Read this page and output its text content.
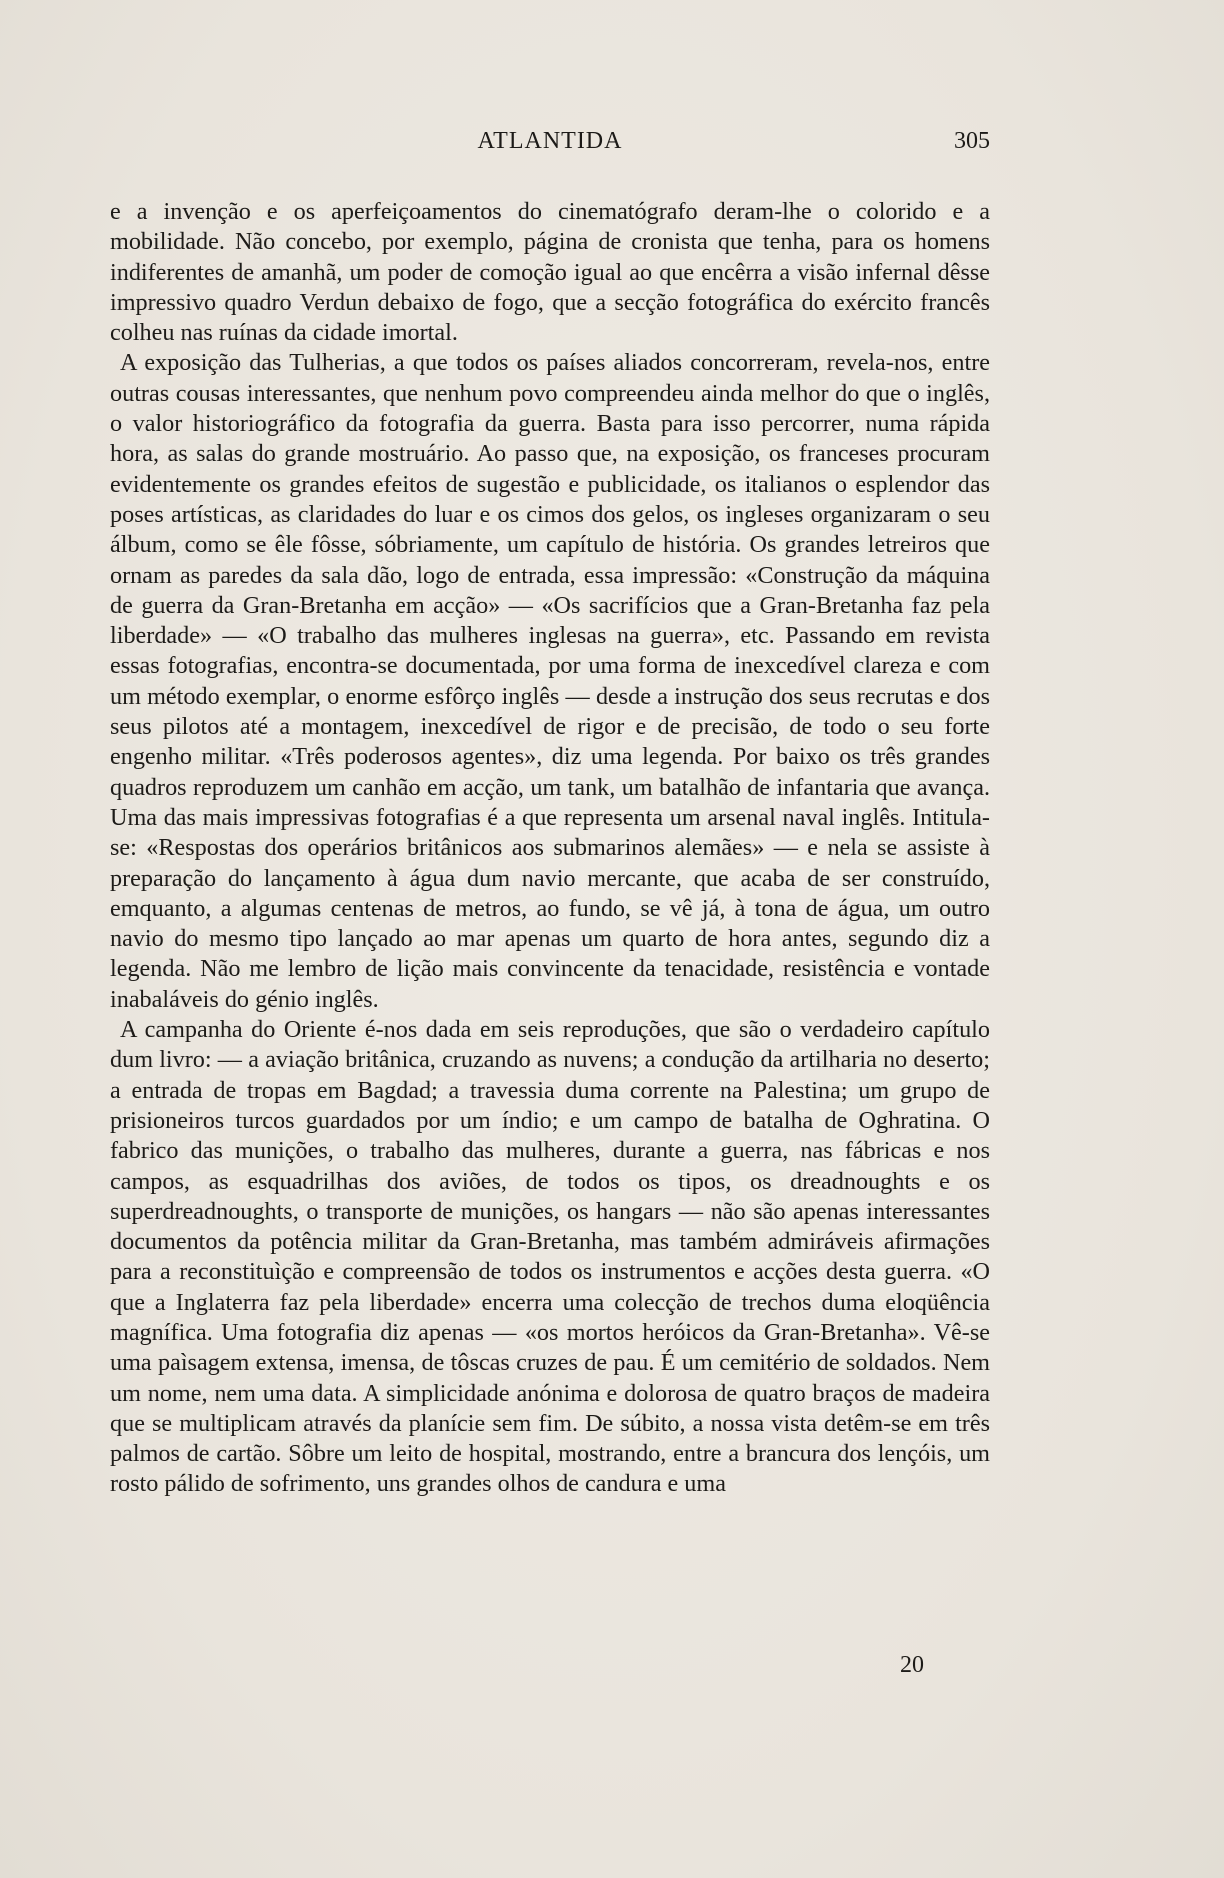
ATLANTIDA	305

e a invenção e os aperfeiçoamentos do cinematógrafo deram-lhe o colorido e a mobilidade. Não concebo, por exemplo, página de cronista que tenha, para os homens indiferentes de amanhã, um poder de comoção igual ao que encêrra a visão infernal dêsse impressivo quadro Verdun debaixo de fogo, que a secção fotográfica do exército francês colheu nas ruínas da cidade imortal.

A exposição das Tulherias, a que todos os países aliados concorreram, revela-nos, entre outras cousas interessantes, que nenhum povo compreendeu ainda melhor do que o inglês, o valor historiográfico da fotografia da guerra. Basta para isso percorrer, numa rápida hora, as salas do grande mostruário. Ao passo que, na exposição, os franceses procuram evidentemente os grandes efeitos de sugestão e publicidade, os italianos o esplendor das poses artísticas, as claridades do luar e os cimos dos gelos, os ingleses organizaram o seu álbum, como se êle fôsse, sóbriamente, um capítulo de história. Os grandes letreiros que ornam as paredes da sala dão, logo de entrada, essa impressão: «Construção da máquina de guerra da Gran-Bretanha em acção» — «Os sacrifícios que a Gran-Bretanha faz pela liberdade» — «O trabalho das mulheres inglesas na guerra», etc. Passando em revista essas fotografias, encontra-se documentada, por uma forma de inexcedível clareza e com um método exemplar, o enorme esfôrço inglês — desde a instrução dos seus recrutas e dos seus pilotos até a montagem, inexcedível de rigor e de precisão, de todo o seu forte engenho militar. «Três poderosos agentes», diz uma legenda. Por baixo os três grandes quadros reproduzem um canhão em acção, um tank, um batalhão de infantaria que avança. Uma das mais impressivas fotografias é a que representa um arsenal naval inglês. Intitula-se: «Respostas dos operários britânicos aos submarinos alemães» — e nela se assiste à preparação do lançamento à água dum navio mercante, que acaba de ser construído, emquanto, a algumas centenas de metros, ao fundo, se vê já, à tona de água, um outro navio do mesmo tipo lançado ao mar apenas um quarto de hora antes, segundo diz a legenda. Não me lembro de lição mais convincente da tenacidade, resistência e vontade inabaláveis do génio inglês.

A campanha do Oriente é-nos dada em seis reproduções, que são o verdadeiro capítulo dum livro: — a aviação britânica, cruzando as nuvens; a condução da artilharia no deserto; a entrada de tropas em Bagdad; a travessia duma corrente na Palestina; um grupo de prisioneiros turcos guardados por um índio; e um campo de batalha de Oghratina. O fabrico das munições, o trabalho das mulheres, durante a guerra, nas fábricas e nos campos, as esquadrilhas dos aviões, de todos os tipos, os dreadnoughts e os superdreadnoughts, o transporte de munições, os hangars — não são apenas interessantes documentos da potência militar da Gran-Bretanha, mas também admiráveis afirmações para a reconstituìção e compreensão de todos os instrumentos e acções desta guerra. «O que a Inglaterra faz pela liberdade» encerra uma colecção de trechos duma eloqüência magnífica. Uma fotografia diz apenas — «os mortos heróicos da Gran-Bretanha». Vê-se uma paìsagem extensa, imensa, de tôscas cruzes de pau. É um cemitério de soldados. Nem um nome, nem uma data. A simplicidade anónima e dolorosa de quatro braços de madeira que se multiplicam através da planície sem fim. De súbito, a nossa vista detêm-se em três palmos de cartão. Sôbre um leito de hospital, mostrando, entre a brancura dos lençóis, um rosto pálido de sofrimento, uns grandes olhos de candura e uma

20
